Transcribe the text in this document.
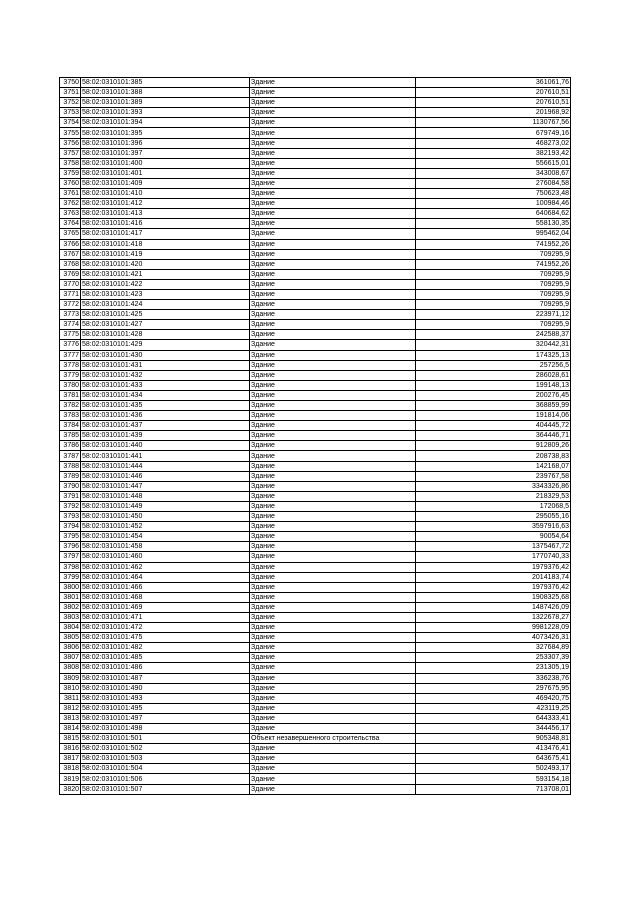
3750	58:02:0310101:385	Здание	361061,76
3751	58:02:0310101:388	Здание	207610,51
3752	58:02:0310101:389	Здание	207610,51
3753	58:02:0310101:393	Здание	201968,92
3754	58:02:0310101:394	Здание	1130767,56
3755	58:02:0310101:395	Здание	679749,16
3756	58:02:0310101:396	Здание	468273,02
3757	58:02:0310101:397	Здание	382193,42
3758	58:02:0310101:400	Здание	556615,01
3759	58:02:0310101:401	Здание	343008,67
3760	58:02:0310101:409	Здание	276084,58
3761	58:02:0310101:410	Здание	750623,48
3762	58:02:0310101:412	Здание	100984,46
3763	58:02:0310101:413	Здание	640684,62
3764	58:02:0310101:416	Здание	558130,35
3765	58:02:0310101:417	Здание	995462,04
3766	58:02:0310101:418	Здание	741952,26
3767	58:02:0310101:419	Здание	709295,9
3768	58:02:0310101:420	Здание	741952,26
3769	58:02:0310101:421	Здание	709295,9
3770	58:02:0310101:422	Здание	709295,9
3771	58:02:0310101:423	Здание	709295,9
3772	58:02:0310101:424	Здание	709295,9
3773	58:02:0310101:425	Здание	223971,12
3774	58:02:0310101:427	Здание	709295,9
3775	58:02:0310101:428	Здание	242588,37
3776	58:02:0310101:429	Здание	320442,31
3777	58:02:0310101:430	Здание	174325,13
3778	58:02:0310101:431	Здание	257256,5
3779	58:02:0310101:432	Здание	286028,61
3780	58:02:0310101:433	Здание	199148,13
3781	58:02:0310101:434	Здание	200276,45
3782	58:02:0310101:435	Здание	368859,99
3783	58:02:0310101:436	Здание	191814,06
3784	58:02:0310101:437	Здание	404445,72
3785	58:02:0310101:439	Здание	364446,71
3786	58:02:0310101:440	Здание	912809,26
3787	58:02:0310101:441	Здание	208738,83
3788	58:02:0310101:444	Здание	142168,07
3789	58:02:0310101:446	Здание	239767,58
3790	58:02:0310101:447	Здание	3343326,86
3791	58:02:0310101:448	Здание	218329,53
3792	58:02:0310101:449	Здание	172068,5
3793	58:02:0310101:450	Здание	295055,16
3794	58:02:0310101:452	Здание	3597916,63
3795	58:02:0310101:454	Здание	90054,64
3796	58:02:0310101:458	Здание	1375467,72
3797	58:02:0310101:460	Здание	1770740,33
3798	58:02:0310101:462	Здание	1979376,42
3799	58:02:0310101:464	Здание	2014183,74
3800	58:02:0310101:466	Здание	1979376,42
3801	58:02:0310101:468	Здание	1908325,68
3802	58:02:0310101:469	Здание	1487426,09
3803	58:02:0310101:471	Здание	1322678,27
3804	58:02:0310101:472	Здание	9981228,09
3805	58:02:0310101:475	Здание	4073426,31
3806	58:02:0310101:482	Здание	327684,89
3807	58:02:0310101:485	Здание	253307,39
3808	58:02:0310101:486	Здание	231305,19
3809	58:02:0310101:487	Здание	336238,76
3810	58:02:0310101:490	Здание	297675,95
3811	58:02:0310101:493	Здание	469420,75
3812	58:02:0310101:495	Здание	423119,25
3813	58:02:0310101:497	Здание	644333,41
3814	58:02:0310101:498	Здание	344456,17
3815	58:02:0310101:501	Объект незавершенного строительства	905348,81
3816	58:02:0310101:502	Здание	413476,41
3817	58:02:0310101:503	Здание	643675,41
3818	58:02:0310101:504	Здание	502493,17
3819	58:02:0310101:506	Здание	593154,18
3820	58:02:0310101:507	Здание	713708,01
